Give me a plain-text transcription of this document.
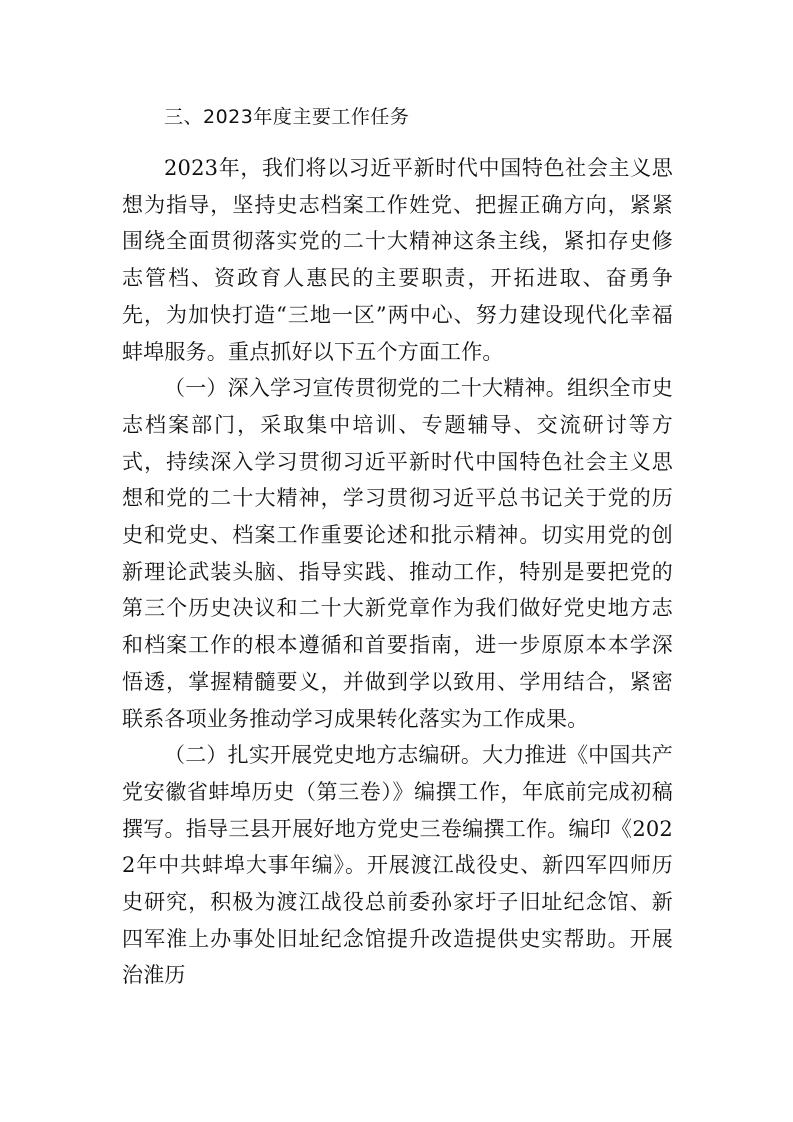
三、2023年度主要工作任务

2023年，我们将以习近平新时代中国特色社会主义思想为指导，坚持史志档案工作姓党、把握正确方向，紧紧围绕全面贯彻落实党的二十大精神这条主线，紧扣存史修志管档、资政育人惠民的主要职责，开拓进取、奋勇争先，为加快打造“三地一区”两中心、努力建设现代化幸福蚌埠服务。重点抓好以下五个方面工作。

（一）深入学习宣传贯彻党的二十大精神。组织全市史志档案部门，采取集中培训、专题辅导、交流研讨等方式，持续深入学习贯彻习近平新时代中国特色社会主义思想和党的二十大精神，学习贯彻习近平总书记关于党的历史和党史、档案工作重要论述和批示精神。切实用党的创新理论武装头脑、指导实践、推动工作，特别是要把党的第三个历史决议和二十大新党章作为我们做好党史地方志和档案工作的根本遵循和首要指南，进一步原原本本学深悟透，掌握精髓要义，并做到学以致用、学用结合，紧密联系各项业务推动学习成果转化落实为工作成果。

（二）扎实开展党史地方志编研。大力推进《中国共产党安徽省蚌埠历史（第三卷）》编撰工作，年底前完成初稿撰写。指导三县开展好地方党史三卷编撰工作。编印《2022年中共蚌埠大事年编》。开展渡江战役史、新四军四师历史研究，积极为渡江战役总前委孙家圩子旧址纪念馆、新四军淮上办事处旧址纪念馆提升改造提供史实帮助。开展治淮历
